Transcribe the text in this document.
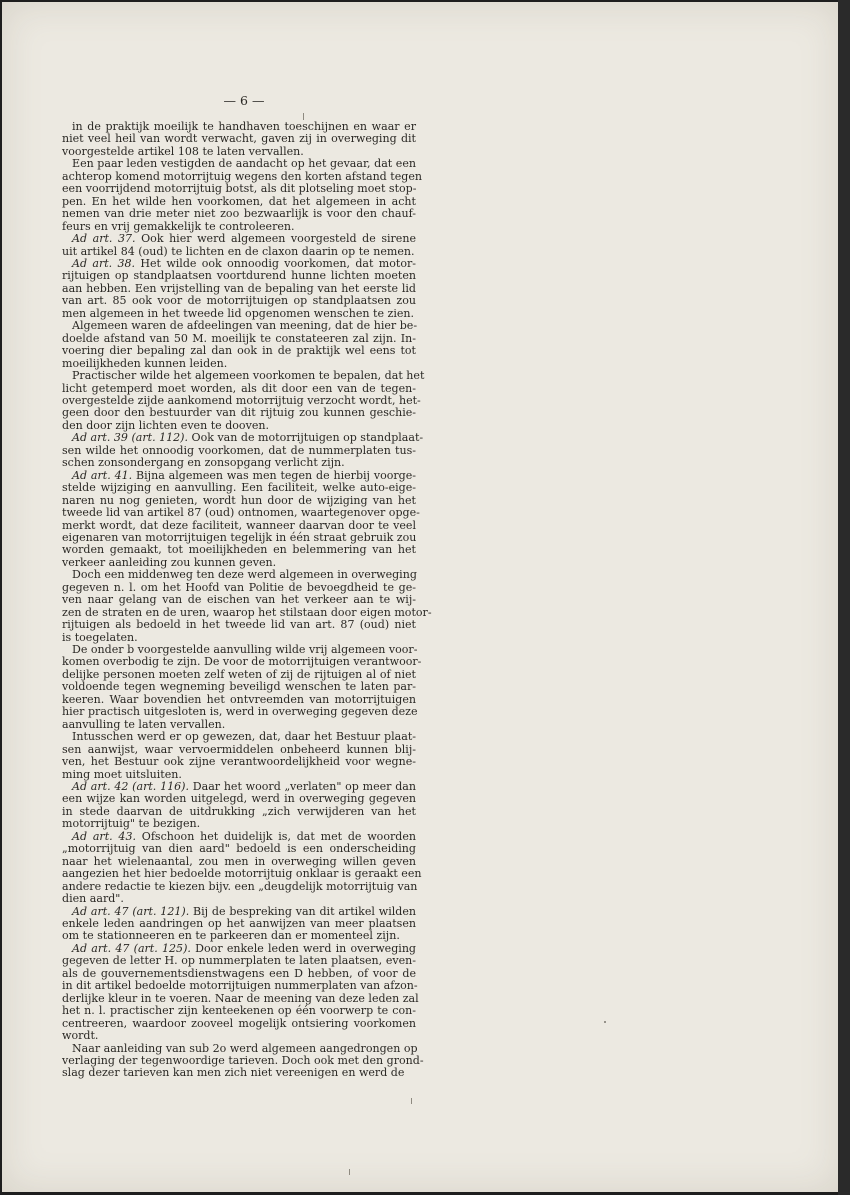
— 6 —
in de praktijk moeilijk te handhaven toeschijnen en waar er
niet veel heil van wordt verwacht, gaven zij in overweging dit
voorgestelde artikel 108 te laten vervallen.
Een paar leden vestigden de aandacht op het gevaar, dat een
achterop komend motorrijtuig wegens den korten afstand tegen
een voorrijdend motorrijtuig botst, als dit plotseling moet stop-
pen. En het wilde hen voorkomen, dat het algemeen in acht
nemen van drie meter niet zoo bezwaarlijk is voor den chauf-
feurs en vrij gemakkelijk te controleeren.
Ad art. 37. Ook hier werd algemeen voorgesteld de sirene
uit artikel 84 (oud) te lichten en de claxon daarin op te nemen.
Ad art. 38. Het wilde ook onnoodig voorkomen, dat motor-
rijtuigen op standplaatsen voortdurend hunne lichten moeten
aan hebben. Een vrijstelling van de bepaling van het eerste lid
van art. 85 ook voor de motorrijtuigen op standplaatsen zou
men algemeen in het tweede lid opgenomen wenschen te zien.
Algemeen waren de afdeelingen van meening, dat de hier be-
doelde afstand van 50 M. moeilijk te constateeren zal zijn. In-
voering dier bepaling zal dan ook in de praktijk wel eens tot
moeilijkheden kunnen leiden.
Practischer wilde het algemeen voorkomen te bepalen, dat het
licht getemperd moet worden, als dit door een van de tegen-
overgestelde zijde aankomend motorrijtuig verzocht wordt, het-
geen door den bestuurder van dit rijtuig zou kunnen geschie-
den door zijn lichten even te dooven.
Ad art. 39 (art. 112). Ook van de motorrijtuigen op standplaat-
sen wilde het onnoodig voorkomen, dat de nummerplaten tus-
schen zonsondergang en zonsopgang verlicht zijn.
Ad art. 41. Bijna algemeen was men tegen de hierbij voorge-
stelde wijziging en aanvulling. Een faciliteit, welke auto-eige-
naren nu nog genieten, wordt hun door de wijziging van het
tweede lid van artikel 87 (oud) ontnomen, waartegenover opge-
merkt wordt, dat deze faciliteit, wanneer daarvan door te veel
eigenaren van motorrijtuigen tegelijk in één straat gebruik zou
worden gemaakt, tot moeilijkheden en belemmering van het
verkeer aanleiding zou kunnen geven.
Doch een middenweg ten deze werd algemeen in overweging
gegeven n. l. om het Hoofd van Politie de bevoegdheid te ge-
ven naar gelang van de eischen van het verkeer aan te wij-
zen de straten en de uren, waarop het stilstaan door eigen motor-
rijtuigen als bedoeld in het tweede lid van art. 87 (oud) niet
is toegelaten.
De onder b voorgestelde aanvulling wilde vrij algemeen voor-
komen overbodig te zijn. De voor de motorrijtuigen verantwoor-
delijke personen moeten zelf weten of zij de rijtuigen al of niet
voldoende tegen wegneming beveiligd wenschen te laten par-
keeren. Waar bovendien het ontvreemden van motorrijtuigen
hier practisch uitgesloten is, werd in overweging gegeven deze
aanvulling te laten vervallen.
Intusschen werd er op gewezen, dat, daar het Bestuur plaat-
sen aanwijst, waar vervoermiddelen onbeheerd kunnen blij-
ven, het Bestuur ook zijne verantwoordelijkheid voor wegne-
ming moet uitsluiten.
Ad art. 42 (art. 116). Daar het woord „verlaten" op meer dan
een wijze kan worden uitgelegd, werd in overweging gegeven
in stede daarvan de uitdrukking „zich verwijderen van het
motorrijtuig" te bezigen.
Ad art. 43. Ofschoon het duidelijk is, dat met de woorden
„motorrijtuig van dien aard" bedoeld is een onderscheiding
naar het wielenaantal, zou men in overweging willen geven
aangezien het hier bedoelde motorrijtuig onklaar is geraakt een
andere redactie te kiezen bijv. een „deugdelijk motorrijtuig van
dien aard".
Ad art. 47 (art. 121). Bij de bespreking van dit artikel wilden
enkele leden aandringen op het aanwijzen van meer plaatsen
om te stationneeren en te parkeeren dan er momenteel zijn.
Ad art. 47 (art. 125). Door enkele leden werd in overweging
gegeven de letter H. op nummerplaten te laten plaatsen, even-
als de gouvernementsdienstwagens een D hebben, of voor de
in dit artikel bedoelde motorrijtuigen nummerplaten van afzon-
derlijke kleur in te voeren. Naar de meening van deze leden zal
het n. l. practischer zijn kenteekenen op één voorwerp te con-
centreeren, waardoor zooveel mogelijk ontsiering voorkomen
wordt.
Naar aanleiding van sub 2o werd algemeen aangedrongen op
verlaging der tegenwoordige tarieven. Doch ook met den grond-
slag dezer tarieven kan men zich niet vereenigen en werd de
